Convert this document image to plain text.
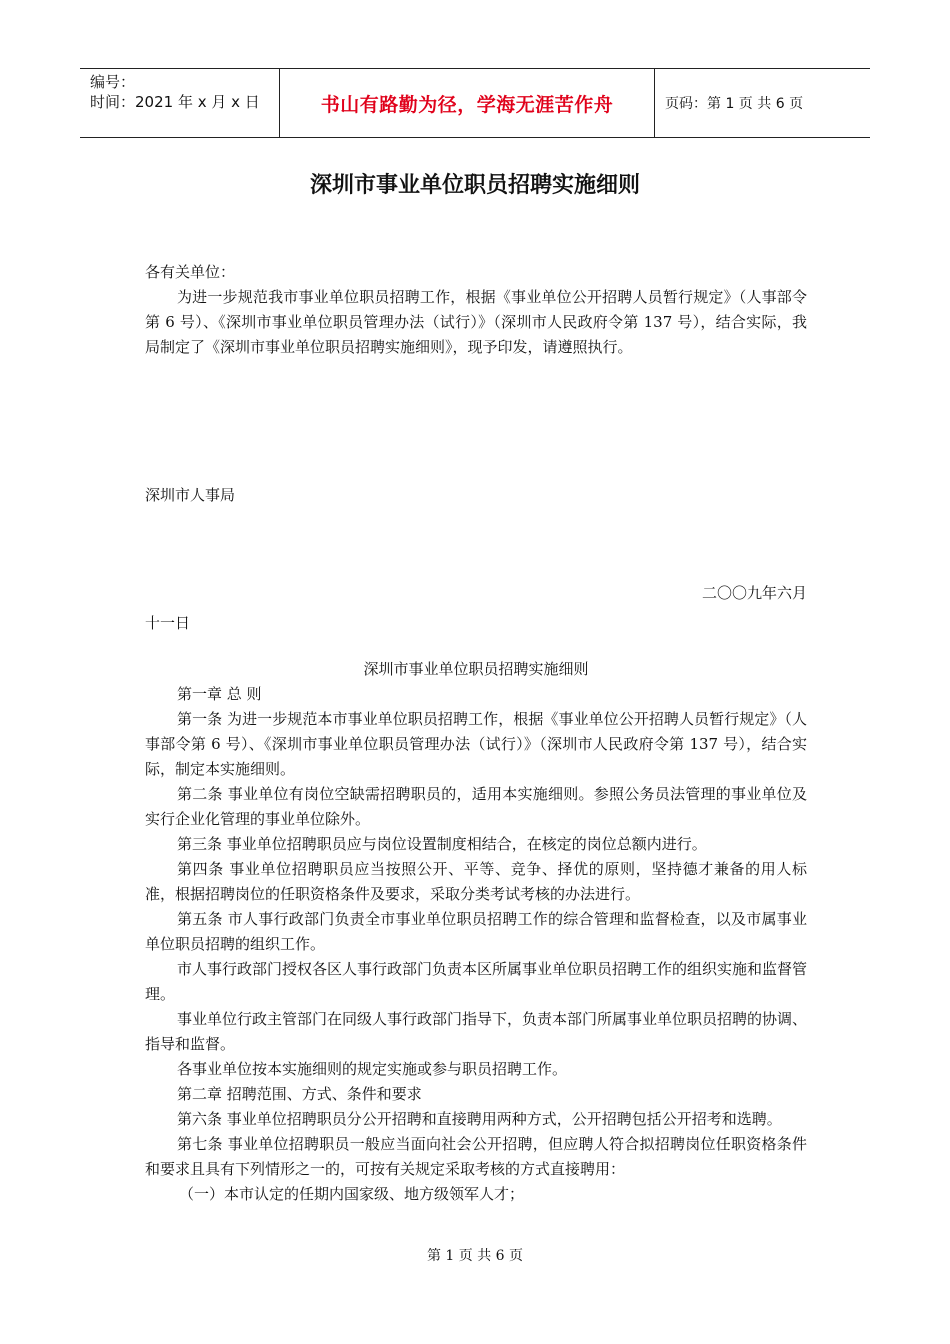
编号：
时间：2021 年 x 月 x 日	书山有路勤为径，学海无涯苦作舟	页码：第 1 页 共 6 页
深圳市事业单位职员招聘实施细则

各有关单位：

为进一步规范我市事业单位职员招聘工作，根据《事业单位公开招聘人员暂行规定》（人事部令第 6 号）、《深圳市事业单位职员管理办法（试行）》（深圳市人民政府令第 137 号），结合实际，我局制定了《深圳市事业单位职员招聘实施细则》，现予印发，请遵照执行。

深圳市人事局

二〇〇九年六月

十一日

深圳市事业单位职员招聘实施细则

第一章 总 则

第一条 为进一步规范本市事业单位职员招聘工作，根据《事业单位公开招聘人员暂行规定》（人事部令第 6 号）、《深圳市事业单位职员管理办法（试行）》（深圳市人民政府令第 137 号），结合实际，制定本实施细则。

第二条 事业单位有岗位空缺需招聘职员的，适用本实施细则。参照公务员法管理的事业单位及实行企业化管理的事业单位除外。

第三条 事业单位招聘职员应与岗位设置制度相结合，在核定的岗位总额内进行。

第四条 事业单位招聘职员应当按照公开、平等、竞争、择优的原则，坚持德才兼备的用人标准，根据招聘岗位的任职资格条件及要求，采取分类考试考核的办法进行。

第五条 市人事行政部门负责全市事业单位职员招聘工作的综合管理和监督检查，以及市属事业单位职员招聘的组织工作。

市人事行政部门授权各区人事行政部门负责本区所属事业单位职员招聘工作的组织实施和监督管理。

事业单位行政主管部门在同级人事行政部门指导下，负责本部门所属事业单位职员招聘的协调、指导和监督。

各事业单位按本实施细则的规定实施或参与职员招聘工作。

第二章 招聘范围、方式、条件和要求

第六条 事业单位招聘职员分公开招聘和直接聘用两种方式，公开招聘包括公开招考和选聘。

第七条 事业单位招聘职员一般应当面向社会公开招聘，但应聘人符合拟招聘岗位任职资格条件和要求且具有下列情形之一的，可按有关规定采取考核的方式直接聘用：

（一）本市认定的任期内国家级、地方级领军人才；

第 1 页 共 6 页
